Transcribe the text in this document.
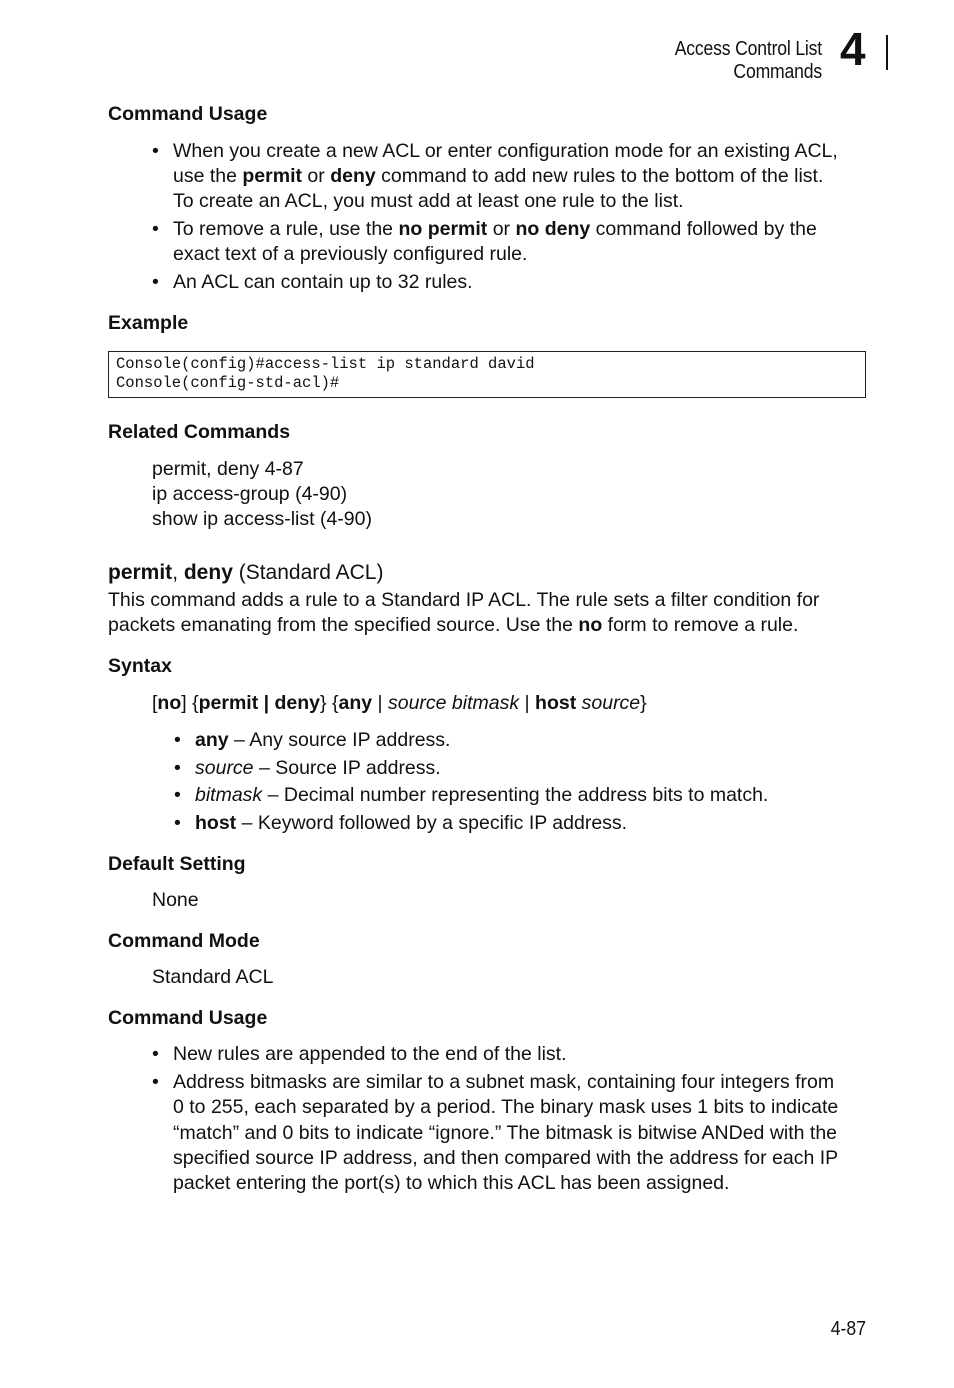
Access Control List Commands 4
Command Usage
• When you create a new ACL or enter configuration mode for an existing ACL,
use the permit or deny command to add new rules to the bottom of the list.
To create an ACL, you must add at least one rule to the list.
• To remove a rule, use the no permit or no deny command followed by the
exact text of a previously configured rule.
• An ACL can contain up to 32 rules.
Example
Console(config)#access-list ip standard david
Console(config-std-acl)#
Related Commands
permit, deny 4-87
ip access-group (4-90)
show ip access-list (4-90)
permit, deny (Standard ACL)
This command adds a rule to a Standard IP ACL. The rule sets a filter condition for
packets emanating from the specified source. Use the no form to remove a rule.
Syntax
[no] {permit | deny} {any | source bitmask | host source}
• any – Any source IP address.
• source – Source IP address.
• bitmask – Decimal number representing the address bits to match.
• host – Keyword followed by a specific IP address.
Default Setting
None
Command Mode
Standard ACL
Command Usage
• New rules are appended to the end of the list.
• Address bitmasks are similar to a subnet mask, containing four integers from
0 to 255, each separated by a period. The binary mask uses 1 bits to indicate
“match” and 0 bits to indicate “ignore.” The bitmask is bitwise ANDed with the
specified source IP address, and then compared with the address for each IP
packet entering the port(s) to which this ACL has been assigned.
4-87
